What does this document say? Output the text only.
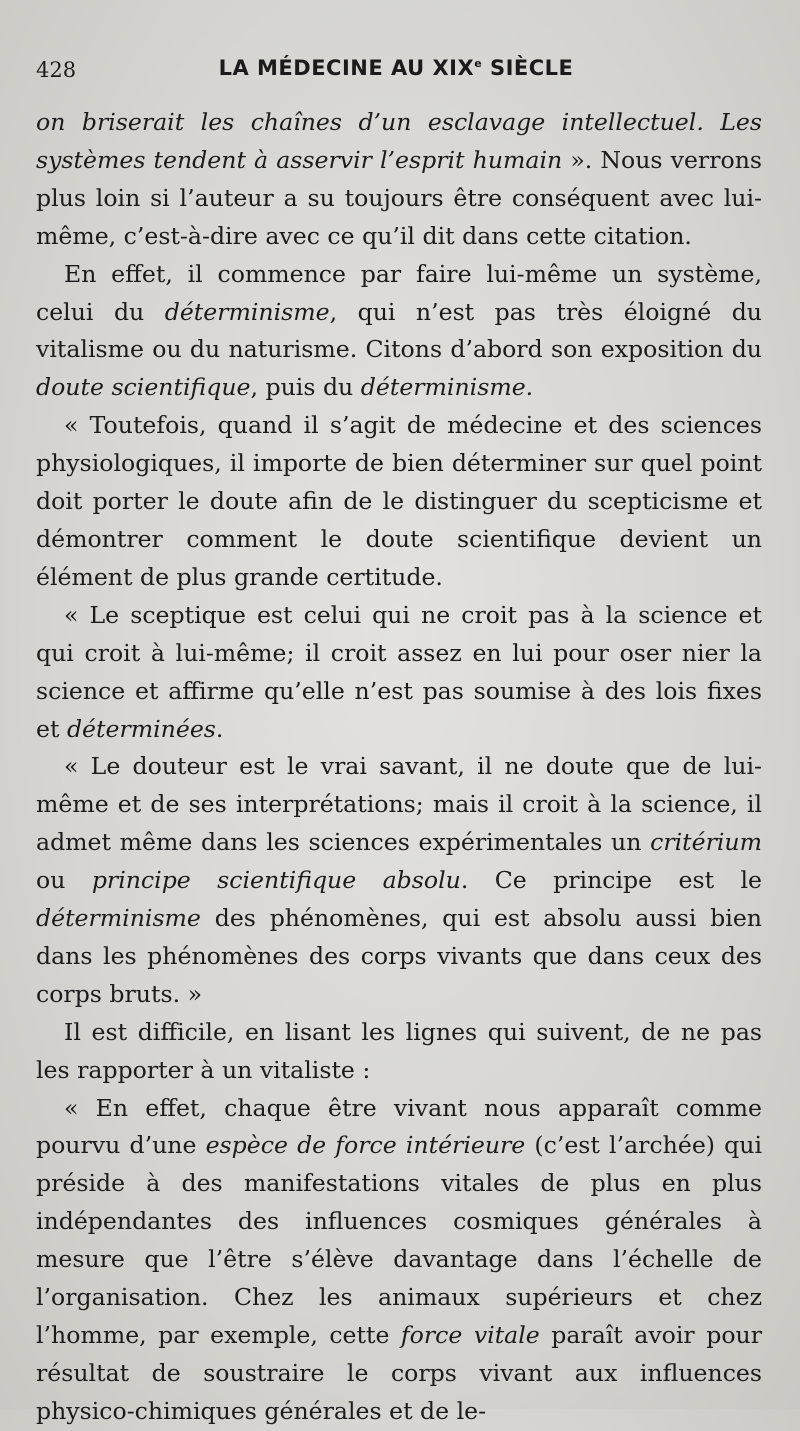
428	LA MÉDECINE AU XIXe SIÈCLE

on briserait les chaînes d’un esclavage intellectuel. Les systèmes tendent à asservir l’esprit humain ». Nous verrons plus loin si l’auteur a su toujours être conséquent avec lui-même, c’est-à-dire avec ce qu’il dit dans cette citation.

En effet, il commence par faire lui-même un système, celui du déterminisme, qui n’est pas très éloigné du vitalisme ou du naturisme. Citons d’abord son exposition du doute scientifique, puis du déterminisme.

« Toutefois, quand il s’agit de médecine et des sciences physiologiques, il importe de bien déterminer sur quel point doit porter le doute afin de le distinguer du scepticisme et démontrer comment le doute scientifique devient un élément de plus grande certitude.

« Le sceptique est celui qui ne croit pas à la science et qui croit à lui-même; il croit assez en lui pour oser nier la science et affirme qu’elle n’est pas soumise à des lois fixes et déterminées.

« Le douteur est le vrai savant, il ne doute que de lui-même et de ses interprétations; mais il croit à la science, il admet même dans les sciences expérimentales un critérium ou principe scientifique absolu. Ce principe est le déterminisme des phénomènes, qui est absolu aussi bien dans les phénomènes des corps vivants que dans ceux des corps bruts. »

Il est difficile, en lisant les lignes qui suivent, de ne pas les rapporter à un vitaliste :

« En effet, chaque être vivant nous apparaît comme pourvu d’une espèce de force intérieure (c’est l’archée) qui préside à des manifestations vitales de plus en plus indépendantes des influences cosmiques générales à mesure que l’être s’élève davantage dans l’échelle de l’organisation. Chez les animaux supérieurs et chez l’homme, par exemple, cette force vitale paraît avoir pour résultat de soustraire le corps vivant aux influences physico-chimiques générales et de le-
